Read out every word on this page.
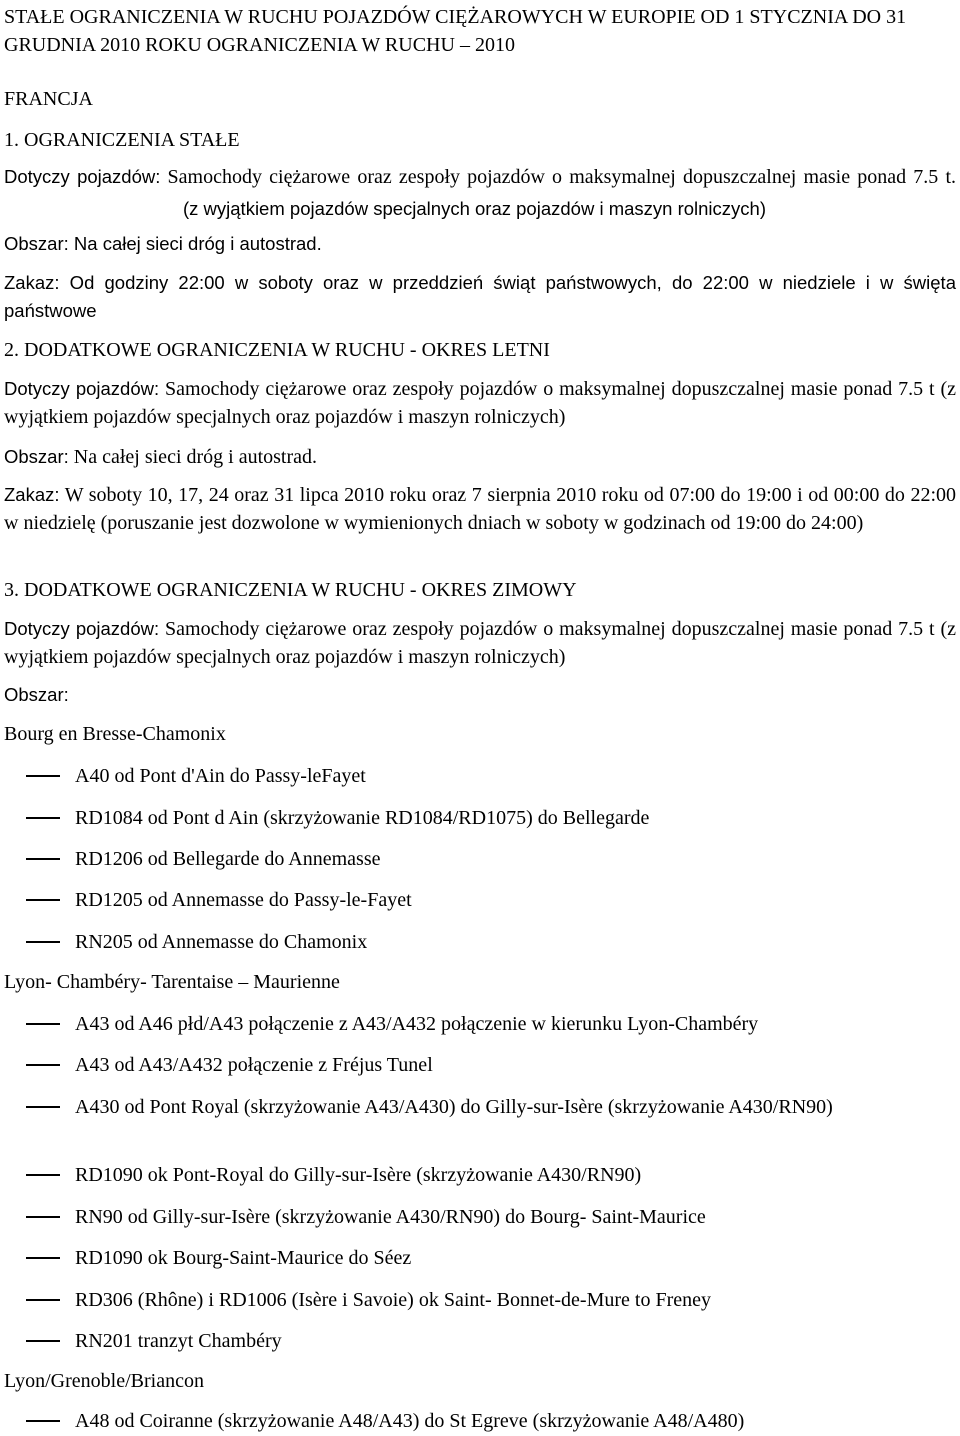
STAŁE OGRANICZENIA W RUCHU POJAZDÓW CIĘŻAROWYCH W EUROPIE OD 1 STYCZNIA DO 31 GRUDNIA 2010 ROKU OGRANICZENIA W RUCHU – 2010
FRANCJA
1. OGRANICZENIA STAŁE
Dotyczy pojazdów: Samochody ciężarowe oraz zespoły pojazdów o maksymalnej dopuszczalnej masie ponad 7.5 t.
(z wyjątkiem pojazdów specjalnych oraz pojazdów i maszyn rolniczych)
Obszar: Na całej sieci dróg i autostrad.
Zakaz: Od godziny 22:00 w soboty oraz w przeddzień świąt państwowych, do 22:00 w niedziele i w święta państwowe
2. DODATKOWE OGRANICZENIA W RUCHU - OKRES LETNI
Dotyczy pojazdów: Samochody ciężarowe oraz zespoły pojazdów o maksymalnej dopuszczalnej masie ponad 7.5 t (z wyjątkiem pojazdów specjalnych oraz pojazdów i maszyn rolniczych)
Obszar: Na całej sieci dróg i autostrad.
Zakaz: W soboty 10, 17, 24 oraz 31 lipca 2010 roku oraz 7 sierpnia 2010 roku od 07:00 do 19:00 i od 00:00 do 22:00 w niedzielę (poruszanie jest dozwolone w wymienionych dniach w soboty w godzinach od 19:00 do 24:00)
3. DODATKOWE OGRANICZENIA W RUCHU - OKRES ZIMOWY
Dotyczy pojazdów: Samochody ciężarowe oraz zespoły pojazdów o maksymalnej dopuszczalnej masie ponad 7.5 t (z wyjątkiem pojazdów specjalnych oraz pojazdów i maszyn rolniczych)
Obszar:
Bourg en Bresse-Chamonix
A40 od Pont d'Ain do Passy-leFayet
RD1084 od Pont d Ain (skrzyżowanie RD1084/RD1075) do Bellegarde
RD1206 od Bellegarde do Annemasse
RD1205 od Annemasse do Passy-le-Fayet
RN205 od Annemasse do Chamonix
Lyon- Chambéry- Tarentaise – Maurienne
A43 od A46 płd/A43 połączenie z A43/A432 połączenie w kierunku Lyon-Chambéry
A43 od A43/A432 połączenie z Fréjus Tunel
A430 od Pont Royal (skrzyżowanie A43/A430) do Gilly-sur-Isère (skrzyżowanie A430/RN90)
RD1090 ok Pont-Royal do Gilly-sur-Isère (skrzyżowanie A430/RN90)
RN90 od Gilly-sur-Isère (skrzyżowanie A430/RN90) do Bourg- Saint-Maurice
RD1090 ok Bourg-Saint-Maurice do Séez
RD306 (Rhône) i RD1006 (Isère i Savoie) ok Saint- Bonnet-de-Mure to Freney
RN201 tranzyt Chambéry
Lyon/Grenoble/Briancon
A48 od Coiranne (skrzyżowanie A48/A43) do St Egreve (skrzyżowanie A48/A480)
